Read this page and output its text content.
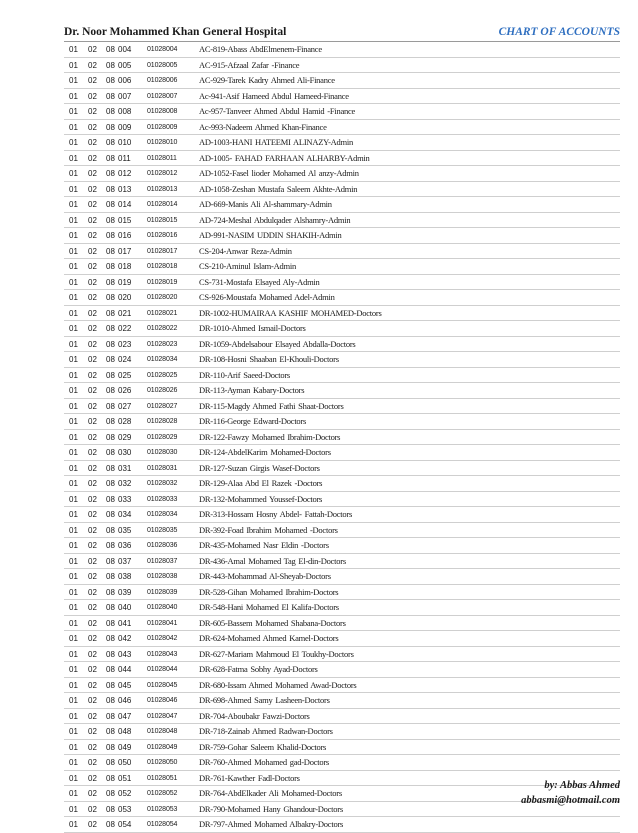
Dr. Noor Mohammed Khan General Hospital	CHART OF ACCOUNTS
01 02 08 004 01028004	AC-819-Abass AbdElmenem-Finance
01 02 08 005 01028005	AC-915-Afzaal Zafar -Finance
01 02 08 006 01028006	AC-929-Tarek Kadry Ahmed Ali-Finance
01 02 08 007 01028007	Ac-941-Asif Hameed Abdul Hameed-Finance
01 02 08 008 01028008	Ac-957-Tanveer Ahmed Abdul Hamid -Finance
01 02 08 009 01028009	Ac-993-Nadeem Ahmed Khan-Finance
01 02 08 010 01028010	AD-1003-HANI HATEEMI ALINAZY-Admin
01 02 08 011 01028011	AD-1005- FAHAD FARHAAN ALHARBY-Admin
01 02 08 012 01028012	AD-1052-Fasel lioder Mohamed Al anzy-Admin
01 02 08 013 01028013	AD-1058-Zeshan Mustafa Saleem Akhte-Admin
01 02 08 014 01028014	AD-669-Manis Ali Al-shammary-Admin
01 02 08 015 01028015	AD-724-Meshal Abdulqader Alshamry-Admin
01 02 08 016 01028016	AD-991-NASIM UDDIN SHAKIH-Admin
01 02 08 017 01028017	CS-204-Anwar Reza-Admin
01 02 08 018 01028018	CS-210-Aminul Islam-Admin
01 02 08 019 01028019	CS-731-Mostafa Elsayed Aly-Admin
01 02 08 020 01028020	CS-926-Moustafa Mohamed Adel-Admin
01 02 08 021 01028021	DR-1002-HUMAIRAA KASHIF MOHAMED-Doctors
01 02 08 022 01028022	DR-1010-Ahmed Ismail-Doctors
01 02 08 023 01028023	DR-1059-Abdelsabour Elsayed Abdalla-Doctors
01 02 08 024 01028034	DR-108-Hosni Shaaban El-Khouli-Doctors
01 02 08 025 01028025	DR-110-Arif Saeed-Doctors
01 02 08 026 01028026	DR-113-Ayman Kabary-Doctors
01 02 08 027 01028027	DR-115-Magdy Ahmed Fathi Shaat-Doctors
01 02 08 028 01028028	DR-116-George Edward-Doctors
01 02 08 029 01028029	DR-122-Fawzy Mohamed Ibrahim-Doctors
01 02 08 030 01028030	DR-124-AbdelKarim Mohamed-Doctors
01 02 08 031 01028031	DR-127-Suzan Girgis Wasef-Doctors
01 02 08 032 01028032	DR-129-Alaa Abd El Razek -Doctors
01 02 08 033 01028033	DR-132-Mohammed Youssef-Doctors
01 02 08 034 01028034	DR-313-Hossam Hosny Abdel- Fattah-Doctors
01 02 08 035 01028035	DR-392-Foad Ibrahim Mohamed -Doctors
01 02 08 036 01028036	DR-435-Mohamed Nasr Eldin -Doctors
01 02 08 037 01028037	DR-436-Amal Mohamed Tag El-din-Doctors
01 02 08 038 01028038	DR-443-Mohammad Al-Sheyab-Doctors
01 02 08 039 01028039	DR-528-Gihan Mohamed Ibrahim-Doctors
01 02 08 040 01028040	DR-548-Hani Mohamed El Kalifa-Doctors
01 02 08 041 01028041	DR-605-Bassem Mohamed Shabana-Doctors
01 02 08 042 01028042	DR-624-Mohamed Ahmed Kamel-Doctors
01 02 08 043 01028043	DR-627-Mariam Mahmoud El Toukhy-Doctors
01 02 08 044 01028044	DR-628-Fatma Sobhy Ayad-Doctors
01 02 08 045 01028045	DR-680-Issam Ahmed Mohamed Awad-Doctors
01 02 08 046 01028046	DR-698-Ahmed Samy Lasheen-Doctors
01 02 08 047 01028047	DR-704-Aboubakr Fawzi-Doctors
01 02 08 048 01028048	DR-718-Zainab Ahmed Radwan-Doctors
01 02 08 049 01028049	DR-759-Gohar Saleem Khalid-Doctors
01 02 08 050 01028050	DR-760-Ahmed Mohamed gad-Doctors
01 02 08 051 01028051	DR-761-Kawther Fadl-Doctors
01 02 08 052 01028052	DR-764-AbdElkader Ali Mohamed-Doctors
01 02 08 053 01028053	DR-790-Mohamed Hany Ghandour-Doctors
01 02 08 054 01028054	DR-797-Ahmed Mohamed Albakry-Doctors
by: Abbas Ahmed
abbasmi@hotmail.com
